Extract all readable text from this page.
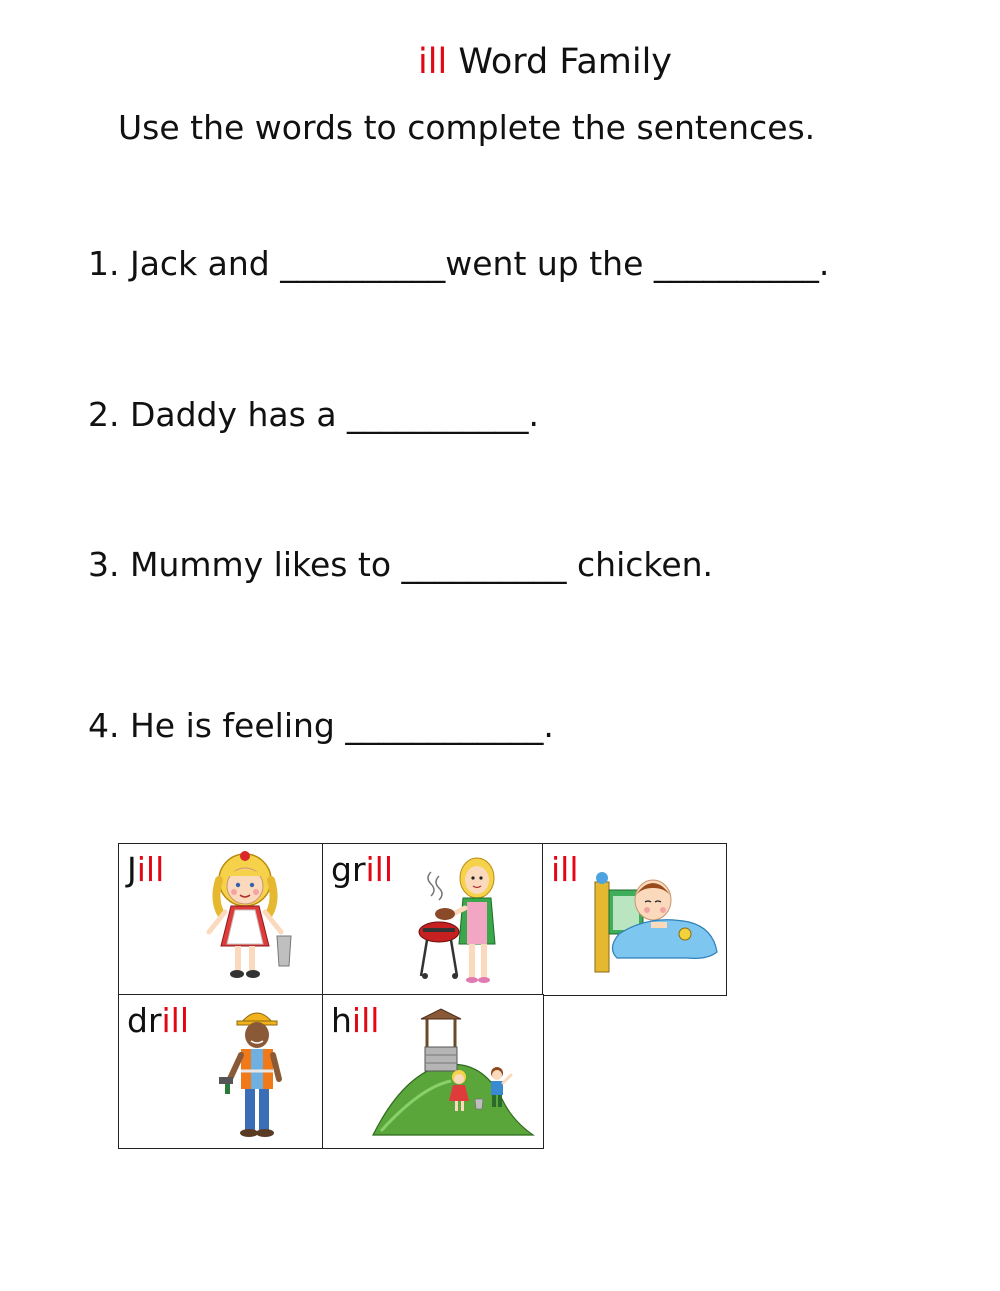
ill Word Family
Use the words to complete the sentences.
1. Jack and __________went up the __________.
2. Daddy has a ___________.
3. Mummy likes to __________ chicken.
4. He is feeling ____________.
Jill	grill	ill
drill	hill
